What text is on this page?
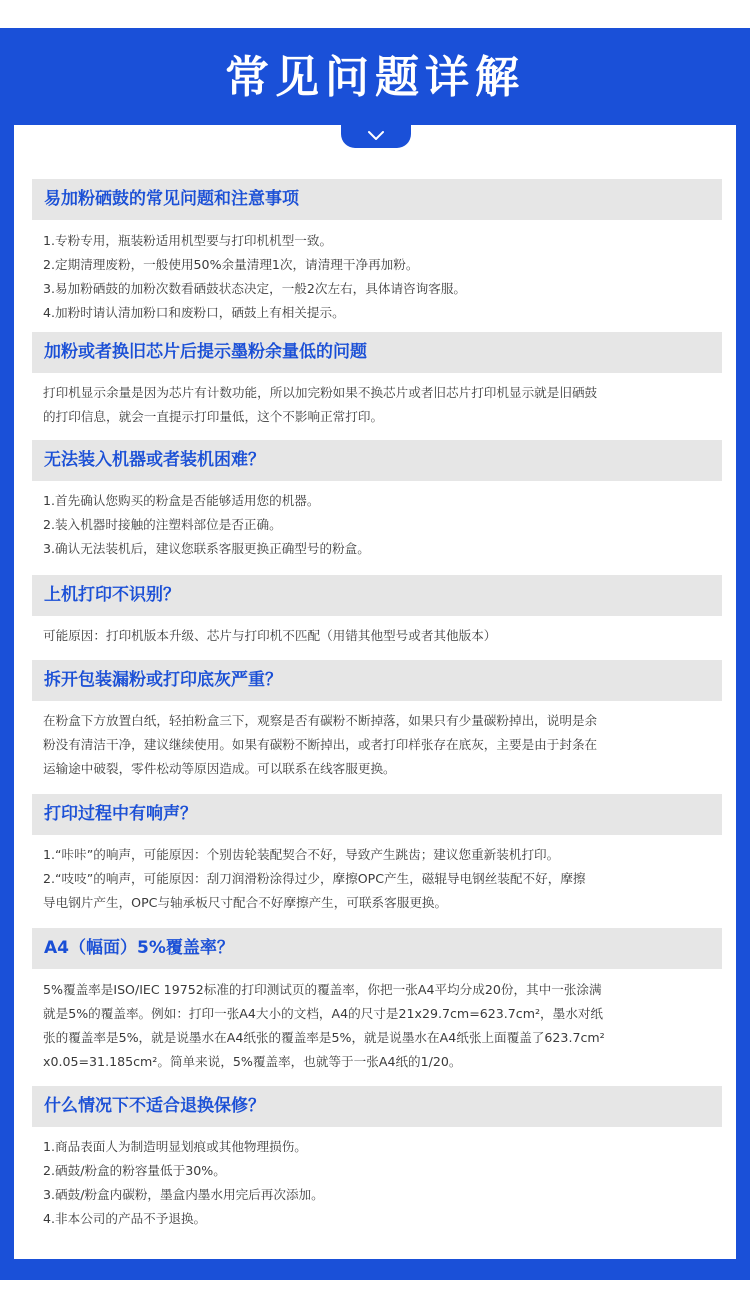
常见问题详解
易加粉硒鼓的常见问题和注意事项
1.专粉专用，瓶装粉适用机型要与打印机机型一致。
2.定期清理废粉，一般使用50%余量清理1次，请清理干净再加粉。
3.易加粉硒鼓的加粉次数看硒鼓状态决定，一般2次左右，具体请咨询客服。
4.加粉时请认清加粉口和废粉口，硒鼓上有相关提示。
加粉或者换旧芯片后提示墨粉余量低的问题
打印机显示余量是因为芯片有计数功能，所以加完粉如果不换芯片或者旧芯片打印机显示就是旧硒鼓
的打印信息，就会一直提示打印量低，这个不影响正常打印。
无法装入机器或者装机困难？
1.首先确认您购买的粉盒是否能够适用您的机器。
2.装入机器时接触的注塑料部位是否正确。
3.确认无法装机后，建议您联系客服更换正确型号的粉盒。
上机打印不识别？
可能原因：打印机版本升级、芯片与打印机不匹配（用错其他型号或者其他版本）
拆开包装漏粉或打印底灰严重？
在粉盒下方放置白纸，轻拍粉盒三下，观察是否有碳粉不断掉落，如果只有少量碳粉掉出，说明是余
粉没有清洁干净，建议继续使用。如果有碳粉不断掉出，或者打印样张存在底灰，主要是由于封条在
运输途中破裂，零件松动等原因造成。可以联系在线客服更换。
打印过程中有响声？
1.“咔咔”的响声，可能原因：个别齿轮装配契合不好，导致产生跳齿；建议您重新装机打印。
2.“吱吱”的响声，可能原因：刮刀润滑粉涂得过少，摩擦OPC产生，磁辊导电钢丝装配不好，摩擦
导电钢片产生，OPC与轴承板尺寸配合不好摩擦产生，可联系客服更换。
A4（幅面）5%覆盖率？
5%覆盖率是ISO/IEC 19752标准的打印测试页的覆盖率，你把一张A4平均分成20份，其中一张涂满
就是5%的覆盖率。例如：打印一张A4大小的文档，A4的尺寸是21x29.7cm=623.7cm²，墨水对纸
张的覆盖率是5%，就是说墨水在A4纸张的覆盖率是5%，就是说墨水在A4纸张上面覆盖了623.7cm²
x0.05=31.185cm²。简单来说，5%覆盖率，也就等于一张A4纸的1/20。
什么情况下不适合退换保修？
1.商品表面人为制造明显划痕或其他物理损伤。
2.硒鼓/粉盒的粉容量低于30%。
3.硒鼓/粉盒内碳粉，墨盒内墨水用完后再次添加。
4.非本公司的产品不予退换。
